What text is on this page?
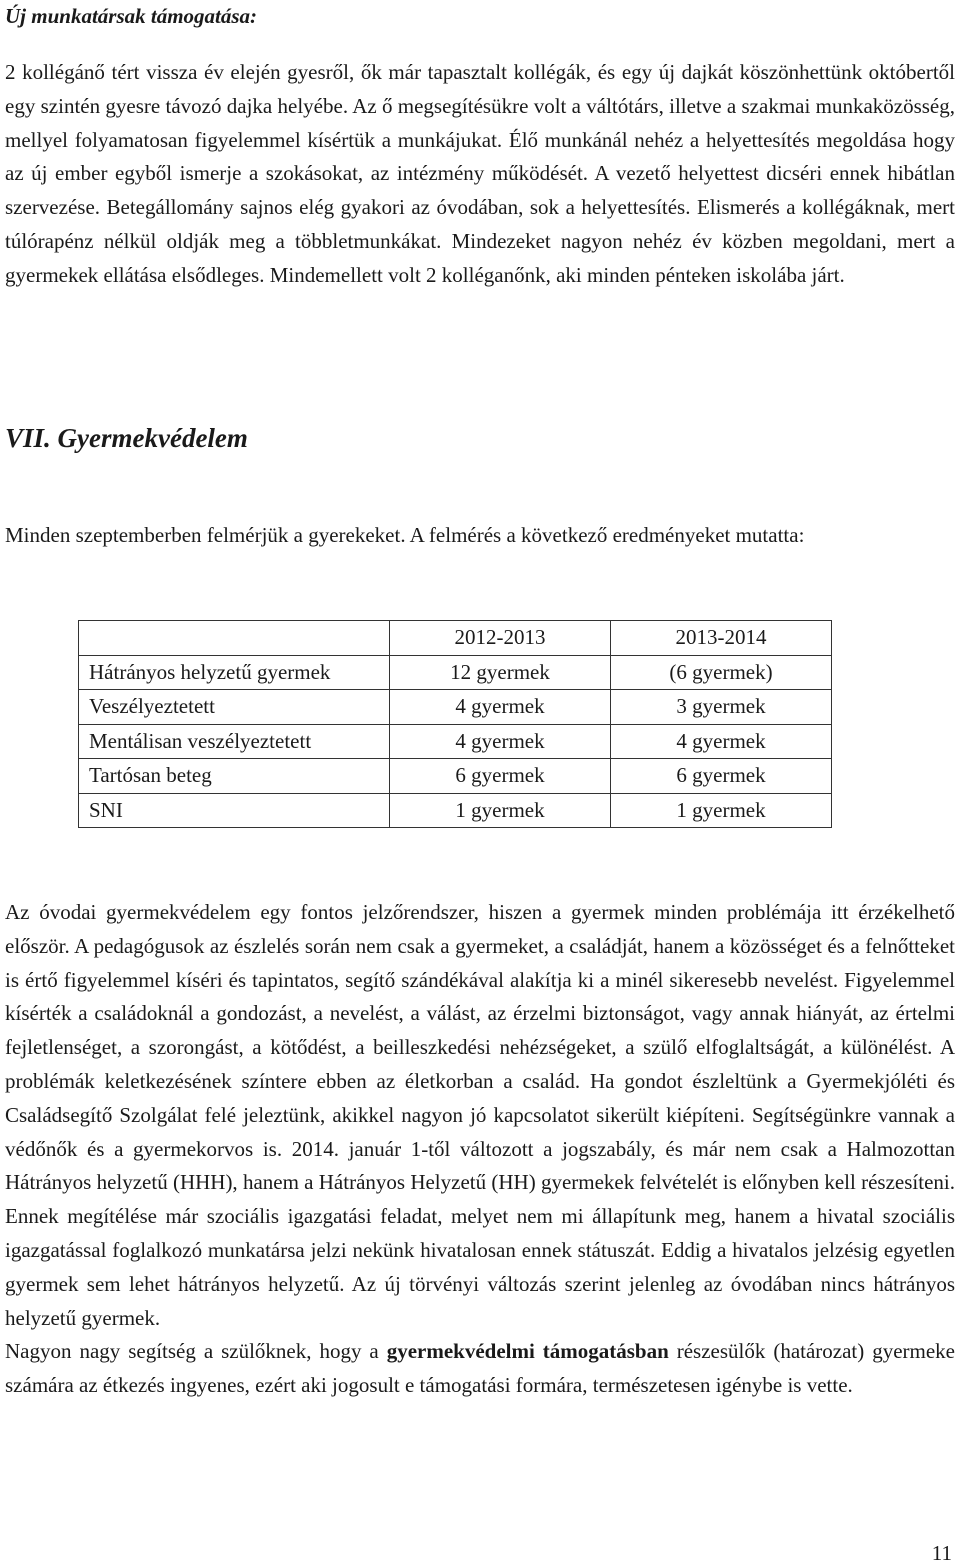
Új munkatársak támogatása:
2 kollégánő tért vissza év elején gyesről, ők már tapasztalt kollégák, és egy új dajkát köszönhettünk októbertől egy szintén gyesre távozó dajka helyébe. Az ő megsegítésükre volt a váltótárs, illetve a szakmai munkaközösség, mellyel folyamatosan figyelemmel kísértük a munkájukat. Élő munkánál nehéz a helyettesítés megoldása hogy az új ember egyből ismerje a szokásokat, az intézmény működését. A vezető helyettest dicséri ennek hibátlan szervezése. Betegállomány sajnos elég gyakori az óvodában, sok a helyettesítés. Elismerés a kollégáknak, mert túlórapénz nélkül oldják meg a többletmunkákat. Mindezeket nagyon nehéz év közben megoldani, mert a gyermekek ellátása elsődleges. Mindemellett volt 2 kolléganőnk, aki minden pénteken iskolába járt.
VII. Gyermekvédelem
Minden szeptemberben felmérjük a gyerekeket. A felmérés a következő eredményeket mutatta:
	2012-2013	2013-2014
Hátrányos helyzetű gyermek	12 gyermek	(6 gyermek)
Veszélyeztetett	4 gyermek	3 gyermek
Mentálisan veszélyeztetett	4 gyermek	4 gyermek
Tartósan beteg	6 gyermek	6 gyermek
SNI	1 gyermek	1 gyermek
Az óvodai gyermekvédelem egy fontos jelzőrendszer, hiszen a gyermek minden problémája itt érzékelhető először. A pedagógusok az észlelés során nem csak a gyermeket, a családját, hanem a közösséget és a felnőtteket is értő figyelemmel kíséri és tapintatos, segítő szándékával alakítja ki a minél sikeresebb nevelést. Figyelemmel kísérték a családoknál a gondozást, a nevelést, a válást, az érzelmi biztonságot, vagy annak hiányát, az értelmi fejletlenséget, a szorongást, a kötődést, a beilleszkedési nehézségeket, a szülő elfoglaltságát, a különélést. A problémák keletkezésének színtere ebben az életkorban a család. Ha gondot észleltünk a Gyermekjóléti és Családsegítő Szolgálat felé jeleztünk, akikkel nagyon jó kapcsolatot sikerült kiépíteni. Segítségünkre vannak a védőnők és a gyermekorvos is. 2014. január 1-től változott a jogszabály, és már nem csak a Halmozottan Hátrányos helyzetű (HHH), hanem a Hátrányos Helyzetű (HH) gyermekek felvételét is előnyben kell részesíteni. Ennek megítélése már szociális igazgatási feladat, melyet nem mi állapítunk meg, hanem a hivatal szociális igazgatással foglalkozó munkatársa jelzi nekünk hivatalosan ennek státuszát. Eddig a hivatalos jelzésig egyetlen gyermek sem lehet hátrányos helyzetű. Az új törvényi változás szerint jelenleg az óvodában nincs hátrányos helyzetű gyermek.
Nagyon nagy segítség a szülőknek, hogy a gyermekvédelmi támogatásban részesülők (határozat) gyermeke számára az étkezés ingyenes, ezért aki jogosult e támogatási formára, természetesen igénybe is vette.
11
